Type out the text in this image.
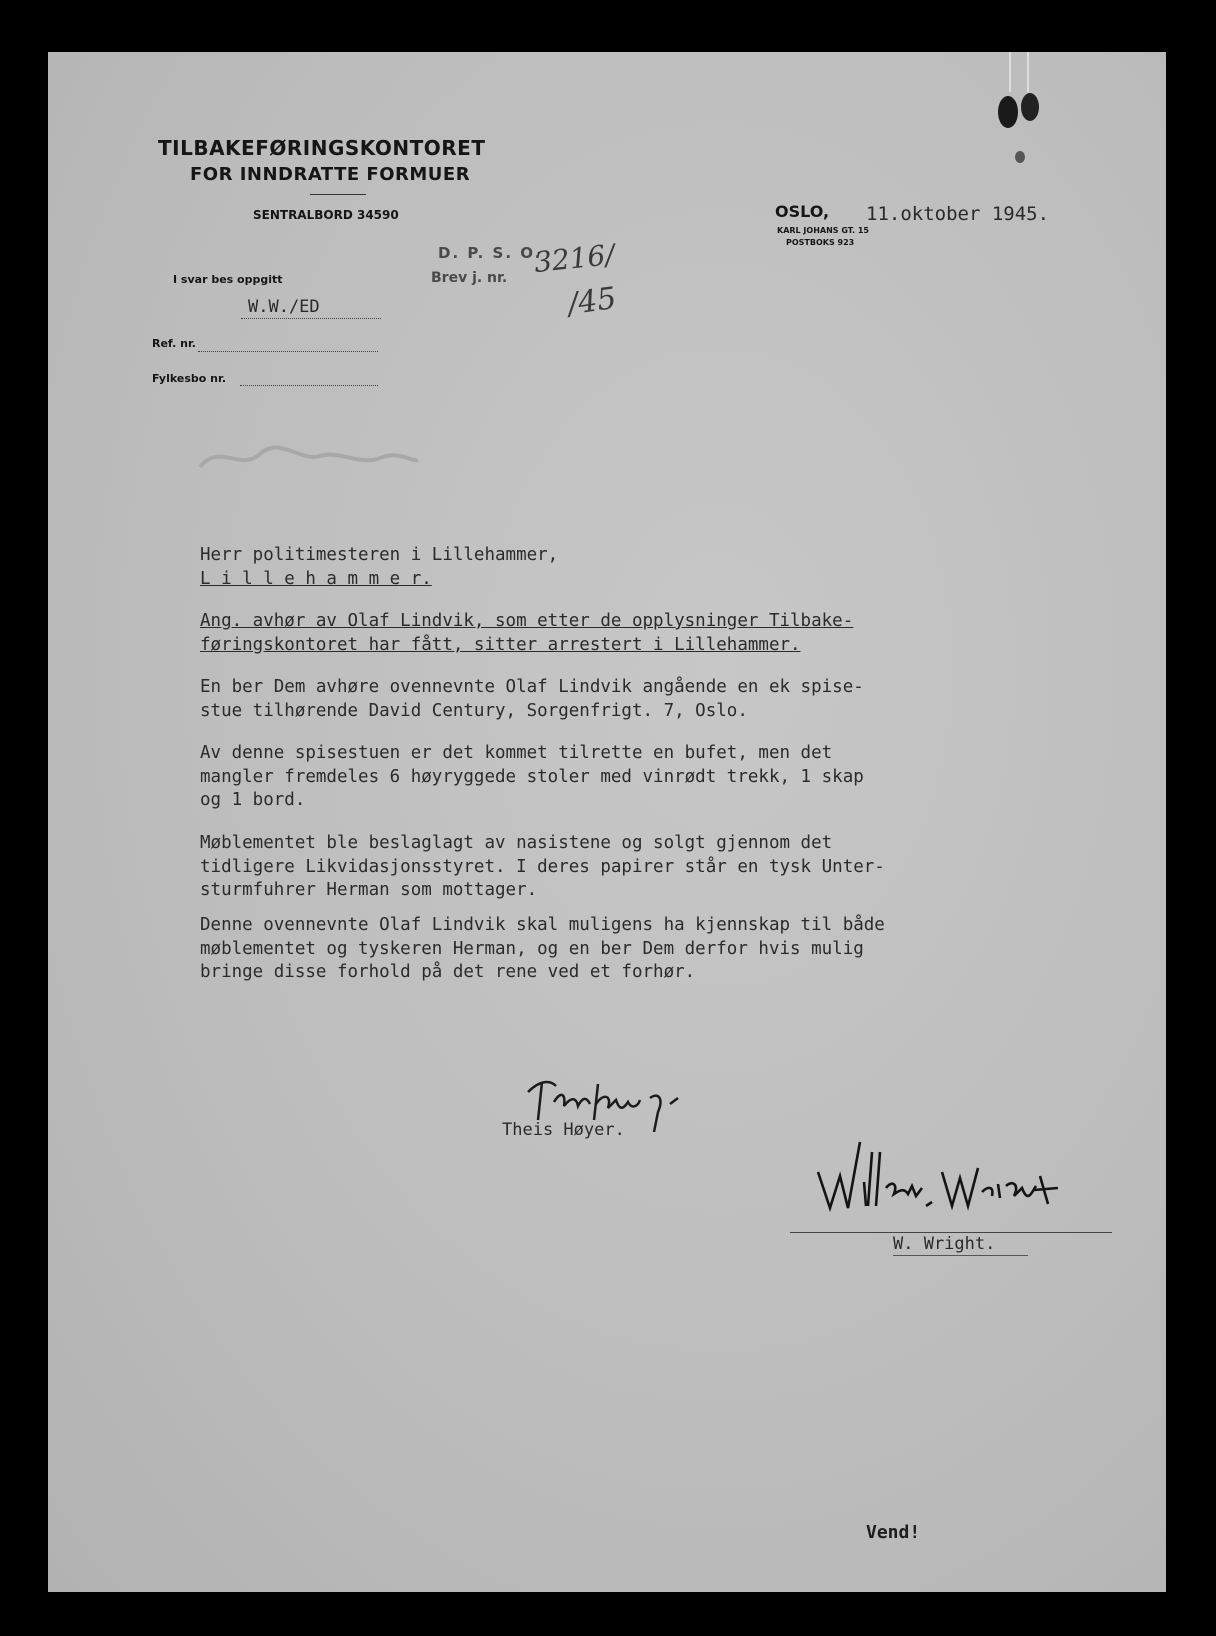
TILBAKEFØRINGSKONTORET
FOR INNDRATTE FORMUER
SENTRALBORD 34590	OSLO, 11.oktober 1945.
KARL JOHANS GT. 15
POSTBOKS 923
D. P. S. O.
Brev j. nr. 3216/
/45
I svar bes oppgitt
W.W./ED
Ref. nr.
Fylkesbo nr.
Herr politimesteren i Lillehammer,
L i l l e h a m m e r.
Ang. avhør av Olaf Lindvik, som etter de opplysninger Tilbake-
føringskontoret har fått, sitter arrestert i Lillehammer.
En ber Dem avhøre ovennevnte Olaf Lindvik angående en ek spise-
stue tilhørende David Century, Sorgenfrigt. 7, Oslo.
Av denne spisestuen er det kommet tilrette en bufet, men det
mangler fremdeles 6 høyryggede stoler med vinrødt trekk, 1 skap
og 1 bord.
Møblementet ble beslaglagt av nasistene og solgt gjennom det
tidligere Likvidasjonsstyret. I deres papirer står en tysk Unter-
sturmfuhrer Herman som mottager.
Denne ovennevnte Olaf Lindvik skal muligens ha kjennskap til både
møblementet og tyskeren Herman, og en ber Dem derfor hvis mulig
bringe disse forhold på det rene ved et forhør.
Theis Høyer.
W. Wright.
Vend!
